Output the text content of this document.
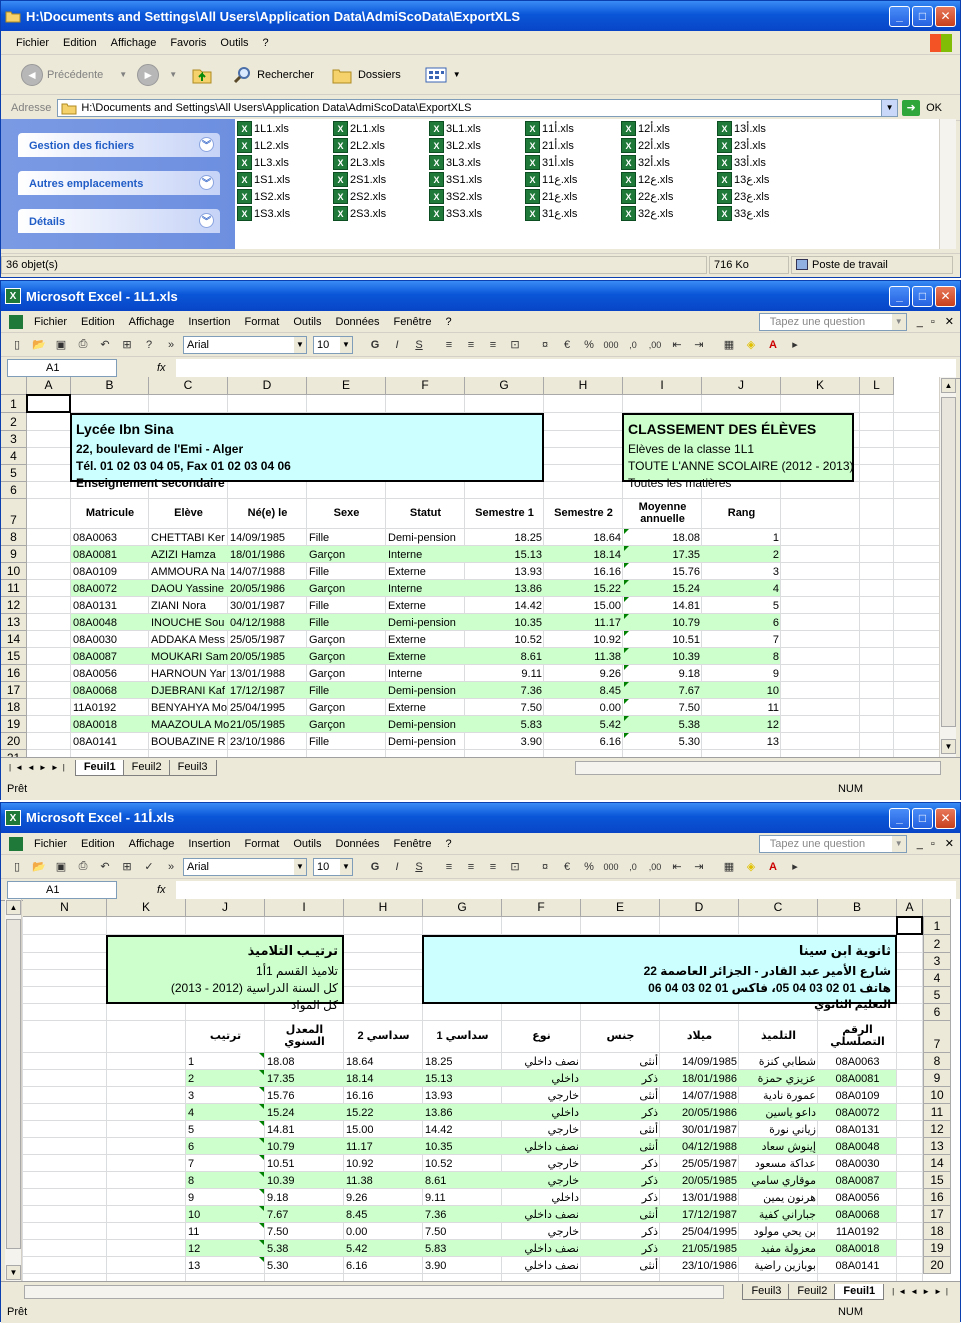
H:\Documents and Settings\All Users\Application Data\AdmiScoData\ExportXLS	_	□	✕
Fichier	Edition	Affichage	Favoris	Outils	?
◄ Précédente ▼	►	▼	Rechercher	Dossiers	▼
Adresse	H:\Documents and Settings\All Users\Application Data\AdmiScoData\ExportXLS	▼	➜ OK
Gestion des fichiers	︾
Autres emplacements	︾
Détails	︾
X 1L1.xls
X 1L2.xls
X 1L3.xls
X 1S1.xls
X 1S2.xls
X 1S3.xls
X 2L1.xls
X 2L2.xls
X 2L3.xls
X 2S1.xls
X 2S2.xls
X 2S3.xls
X 3L1.xls
X 3L2.xls
X 3L3.xls
X 3S1.xls
X 3S2.xls
X 3S3.xls
X 1أ1.xls
X 2أ1.xls
X 3أ1.xls
X 1ع1.xls
X 2ع1.xls
X 3ع1.xls
X 1أ2.xls
X 2أ2.xls
X 3أ2.xls
X 1ع2.xls
X 2ع2.xls
X 3ع2.xls
X 1أ3.xls
X 2أ3.xls
X 3أ3.xls
X 1ع3.xls
X 2ع3.xls
X 3ع3.xls
36 objet(s)	716 Ko	Poste de travail
X Microsoft Excel - 1L1.xls	_	□	✕
Fichier	Edition	Affichage	Insertion	Format	Outils	Données	Fenêtre	?	Tapez une question	▼	_ ▫ ✕
▯	📂 ▣	⎙	↶	⊞	?	»	Arial	▼ 10 ▼	G	I	S	≡	≡	≡	⊡	¤	€	%	000	,0	,00	⇤	⇥	▦	◈	A	▸
A1	fx
A	B	C	D	E	F	G	H	I	J	K	L
1
2
3
4
5
6
7
8
9
10
11
12
13
14
15
16
17
18
19
20
Lycée Ibn Sina
22, boulevard de l'Emi - Alger
Tél. 01 02 03 04 05, Fax 01 02 03 04 06
Enseignement secondaire
CLASSEMENT DES ÉLÈVES
Elèves de la classe 1L1
TOUTE L'ANNE SCOLAIRE (2012 - 2013)
Toutes les matières
Matricule	Elève	Né(e) le	Sexe	Statut	Semestre 1	Semestre 2	Moyenne annuelle	Rang
08A0063	CHETTABI Ker 14/09/1985	Fille	Demi-pension	18.25	18.64	18.08	1
08A0081	AZIZI Hamza	18/01/1986	Garçon	Interne	15.13	18.14	17.35	2
08A0109	AMMOURA Na 14/07/1988	Fille	Externe	13.93	16.16	15.76	3
08A0072	DAOU Yassine 20/05/1986	Garçon	Interne	13.86	15.22	15.24	4
08A0131	ZIANI Nora	30/01/1987	Fille	Externe	14.42	15.00	14.81	5
08A0048	INOUCHE Sou 04/12/1988	Fille	Demi-pension	10.35	11.17	10.79	6
08A0030	ADDAKA Mess 25/05/1987	Garçon	Externe	10.52	10.92	10.51	7
08A0087	MOUKARI Sam 20/05/1985	Garçon	Externe	8.61	11.38	10.39	8
08A0056	HARNOUN Yar 13/01/1988	Garçon	Interne	9.11	9.26	9.18	9
08A0068	DJEBRANI Kaf 17/12/1987	Fille	Demi-pension	7.36	8.45	7.67	10
11A0192	BENYAHYA Mo 25/04/1995	Garçon	Externe	7.50	0.00	7.50	11
08A0018	MAAZOULA Mo 21/05/1985	Garçon	Demi-pension	5.83	5.42	5.38	12
08A0141	BOUBAZINE R 23/10/1986	Fille	Demi-pension	3.90	6.16	5.30	13
▲
▼
|◄◄►►|	Feuil1	Feuil2	Feuil3
Prêt	NUM
X Microsoft Excel - 1أ1.xls	_	□	✕
Fichier	Edition	Affichage	Insertion	Format	Outils	Données	Fenêtre	?	Tapez une question	▼	_ ▫ ✕
▯	📂 ▣	⎙	↶	⊞	✓	»	Arial	▼ 10 ▼	G	I	S	≡	≡	≡	⊡	¤	€	%	000	,0	,00	⇤	⇥	▦	◈	A	▸
A1	fx
▲
▼
N	K	J	I	H	G	F	E	D	C	B	A
1
2
3
4
5
6
7
8
9
10
11
12
13
14
15
16
17
18
19
20
ثانوية ابن سينا
شارع الأمير عبد القادر - الجزائر العاصمة 22
هاتف 01 02 03 04 05، فاكس 01 02 03 04 06
التعليم الثانوي
ترتيـب التلاميذ
تلاميذ القسم 1أ1
كل السنة الدراسية (2012 - 2013)
كل المواد
الرقم التصلسلي
التلميذ
ميلاد
جنس
نوع
سداسي 1
سداسي 2
المعدل السنوي
ترتيب
08A0063
شطابي كنزة
14/09/1985
أنثى
نصف داخلي
18.25
18.64
18.08
1
08A0081
عزيزي حمزة
18/01/1986
ذكر
داخلي
15.13
18.14
17.35
2
08A0109
عمورة نادية
14/07/1988
أنثى
خارجي
13.93
16.16
15.76
3
08A0072
داعو ياسين
20/05/1986
ذكر
داخلي
13.86
15.22
15.24
4
08A0131
زياني نورة
30/01/1987
أنثى
خارجي
14.42
15.00
14.81
5
08A0048
إينوش سعاد
04/12/1988
أنثى
نصف داخلي
10.35
11.17
10.79
6
08A0030
عداكة مسعود
25/05/1987
ذكر
خارجي
10.52
10.92
10.51
7
08A0087
موقاري سامي
20/05/1985
ذكر
خارجي
8.61
11.38
10.39
8
08A0056
هرنون يمين
13/01/1988
ذكر
داخلي
9.11
9.26
9.18
9
08A0068
جباراني كفية
17/12/1987
أنثى
نصف داخلي
7.36
8.45
7.67
10
11A0192
بن يحي مولود
25/04/1995
ذكر
خارجي
7.50
0.00
7.50
11
08A0018
معزولة مفيد
21/05/1985
ذكر
نصف داخلي
5.83
5.42
5.38
12
08A0141
بوبازين راضية
23/10/1986
أنثى
نصف داخلي
3.90
6.16
5.30
13
Feuil3	Feuil2	Feuil1	|◄◄►►|
Prêt	NUM
